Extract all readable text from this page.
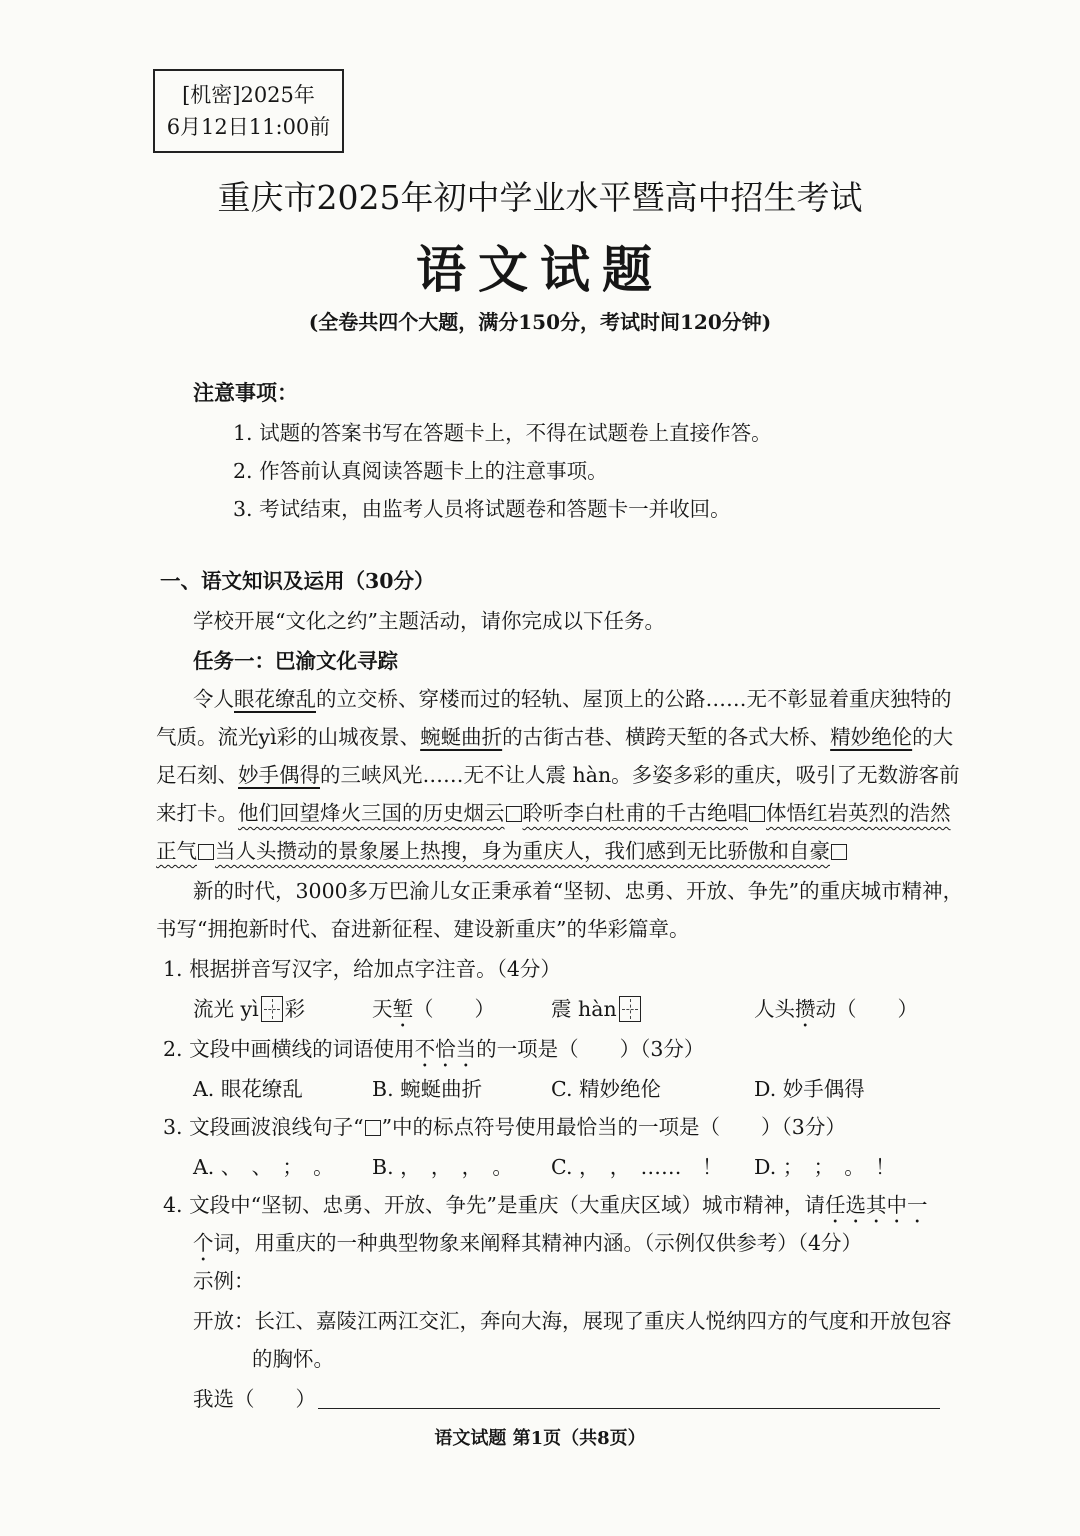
[机密]2025年
6月12日11:00前
重庆市2025年初中学业水平暨高中招生考试
语文试题
(全卷共四个大题，满分150分，考试时间120分钟)
注意事项：
1. 试题的答案书写在答题卡上，不得在试题卷上直接作答。
2. 作答前认真阅读答题卡上的注意事项。
3. 考试结束，由监考人员将试题卷和答题卡一并收回。
一、语文知识及运用（30分）
学校开展“文化之约”主题活动，请你完成以下任务。
任务一：巴渝文化寻踪
令人眼花缭乱的立交桥、穿楼而过的轻轨、屋顶上的公路……无不彰显着重庆独特的
气质。流光yì彩的山城夜景、蜿蜒曲折的古街古巷、横跨天堑的各式大桥、精妙绝伦的大
足石刻、妙手偶得的三峡风光……无不让人震 hàn。多姿多彩的重庆，吸引了无数游客前
来打卡。他们回望烽火三国的历史烟云 聆听李白杜甫的千古绝唱 体悟红岩英烈的浩然
正气 当人头攒动的景象屡上热搜，身为重庆人，我们感到无比骄傲和自豪
新的时代，3000多万巴渝儿女正秉承着“坚韧、忠勇、开放、争先”的重庆城市精神，
书写“拥抱新时代、奋进新征程、建设新重庆”的华彩篇章。
1. 根据拼音写汉字，给加点字注音。（4分）
流光 yì 彩	天堑（　　）	震 hàn	人头攒动（　　）
2. 文段中画横线的词语使用不恰当的一项是（　　）（3分）
A. 眼花缭乱	B. 蜿蜒曲折	C. 精妙绝伦	D. 妙手偶得
3. 文段画波浪线句子“ ”中的标点符号使用最恰当的一项是（　　）（3分）
A. 、　、　；　。 B. ，　，　，　。 C. ，　，　……　！ D. ；　；　。　！
4. 文段中“坚韧、忠勇、开放、争先”是重庆（大重庆区域）城市精神，请任选其中一
个词，用重庆的一种典型物象来阐释其精神内涵。（示例仅供参考）（4分）
示例：
开放：长江、嘉陵江两江交汇，奔向大海，展现了重庆人悦纳四方的气度和开放包容
的胸怀。
我选（　　）
语文试题 第1页（共8页）
